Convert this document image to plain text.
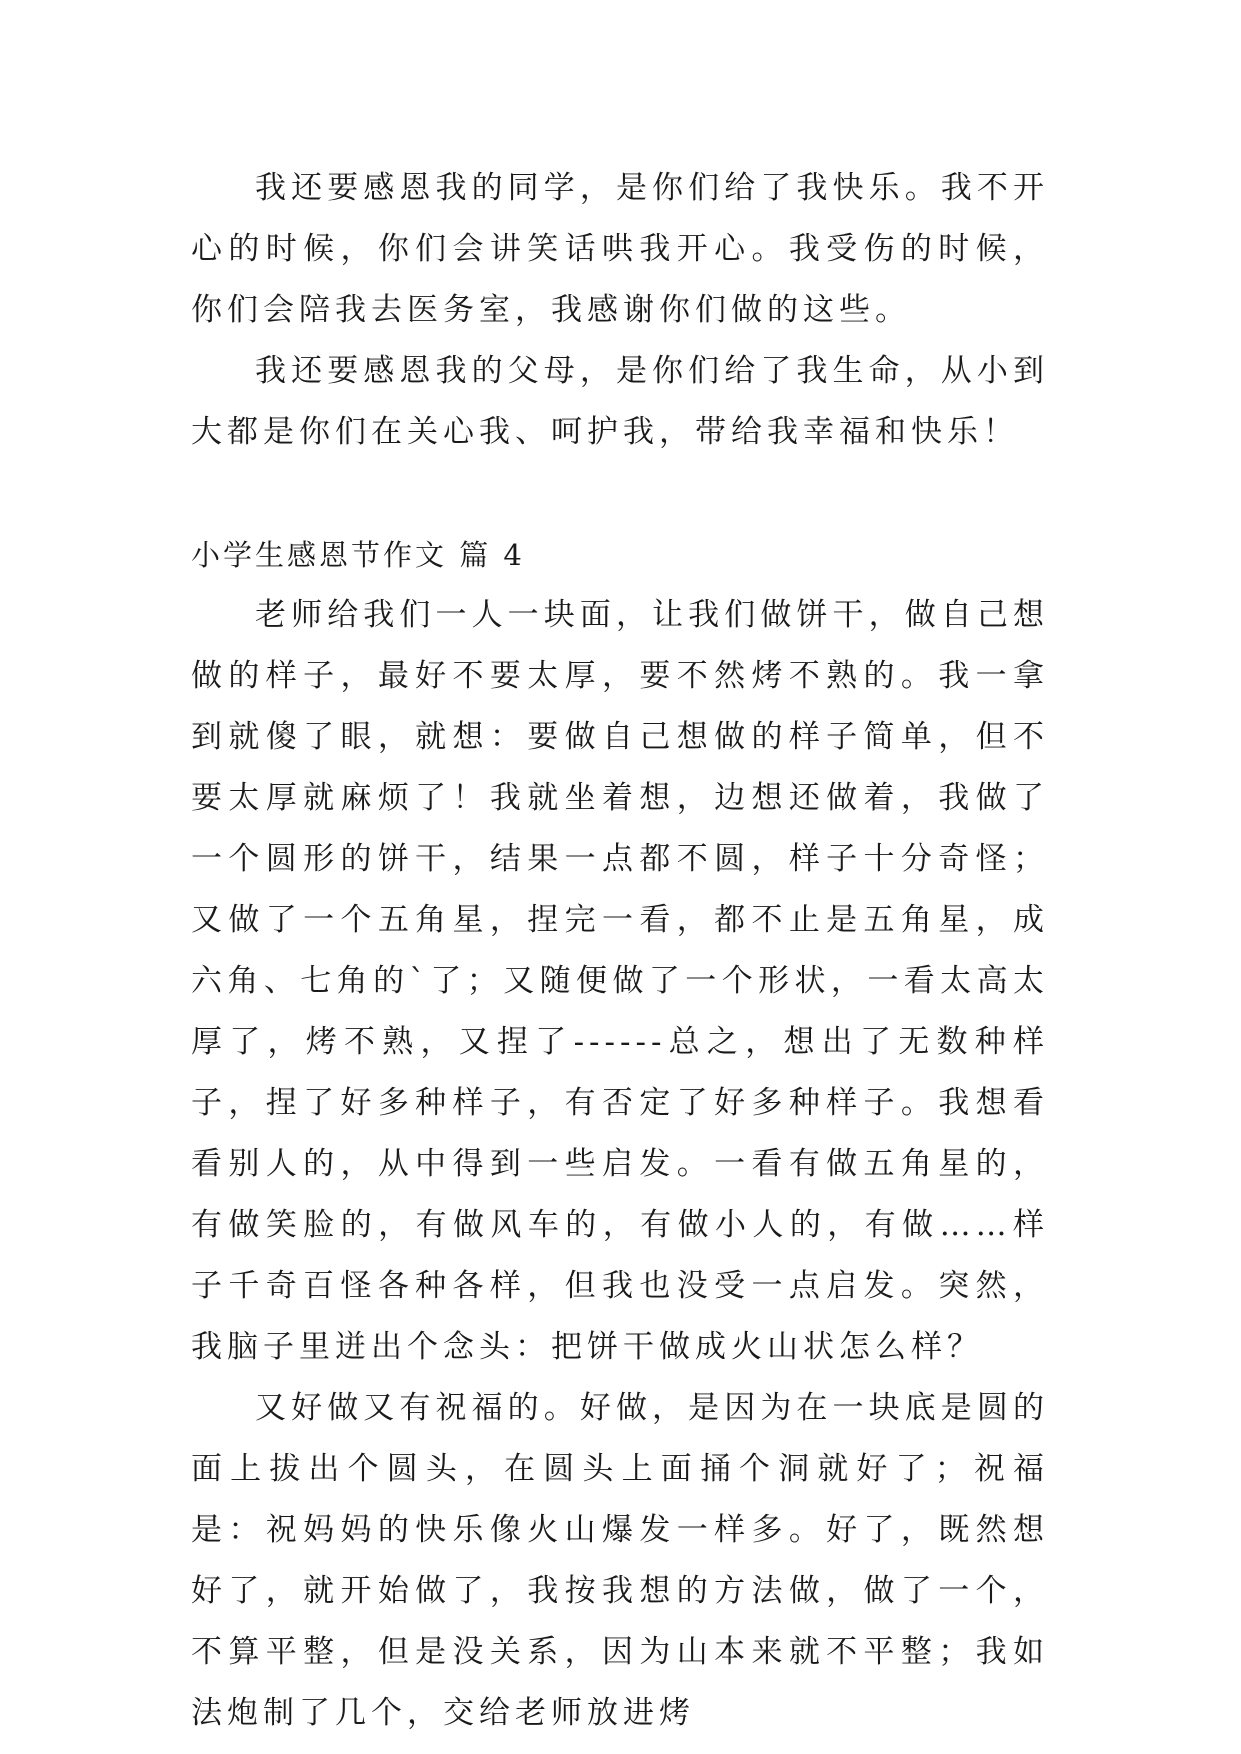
我还要感恩我的同学，是你们给了我快乐。我不开心的时候，你们会讲笑话哄我开心。我受伤的时候，你们会陪我去医务室，我感谢你们做的这些。

我还要感恩我的父母，是你们给了我生命，从小到大都是你们在关心我、呵护我，带给我幸福和快乐！

小学生感恩节作文 篇 4

老师给我们一人一块面，让我们做饼干，做自己想做的样子，最好不要太厚，要不然烤不熟的。我一拿到就傻了眼，就想：要做自己想做的样子简单，但不要太厚就麻烦了！我就坐着想，边想还做着，我做了一个圆形的饼干，结果一点都不圆，样子十分奇怪；又做了一个五角星，捏完一看，都不止是五角星，成六角、七角的`了；又随便做了一个形状，一看太高太厚了，烤不熟，又捏了------总之，想出了无数种样子，捏了好多种样子，有否定了好多种样子。我想看看别人的，从中得到一些启发。一看有做五角星的，有做笑脸的，有做风车的，有做小人的，有做……样子千奇百怪各种各样，但我也没受一点启发。突然，我脑子里迸出个念头：把饼干做成火山状怎么样？

又好做又有祝福的。好做，是因为在一块底是圆的面上拔出个圆头，在圆头上面捅个洞就好了；祝福是：祝妈妈的快乐像火山爆发一样多。好了，既然想好了，就开始做了，我按我想的方法做，做了一个，不算平整，但是没关系，因为山本来就不平整；我如法炮制了几个，交给老师放进烤
